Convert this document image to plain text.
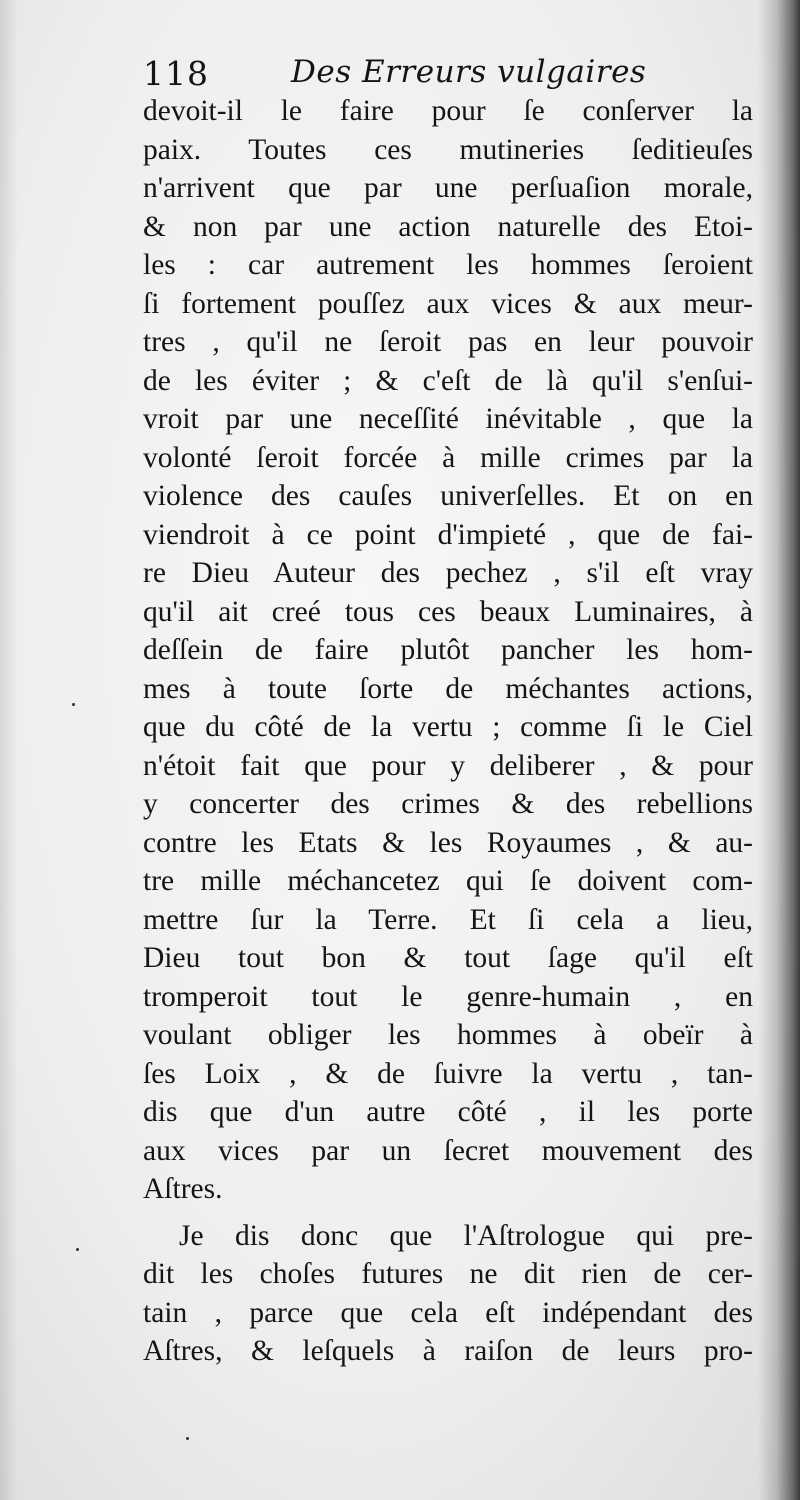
118	Des Erreurs vulgaires
devoit-il le faire pour ſe conſerver la
paix. Toutes ces mutineries ſeditieuſes
n'arrivent que par une perſuaſion morale,
& non par une action naturelle des Etoi-
les : car autrement les hommes ſeroient
ſi fortement pouſſez aux vices & aux meur-
tres , qu'il ne ſeroit pas en leur pouvoir
de les éviter ; & c'eſt de là qu'il s'enſui-
vroit par une neceſſité inévitable , que la
volonté ſeroit forcée à mille crimes par la
violence des cauſes univerſelles. Et on en
viendroit à ce point d'impieté , que de fai-
re Dieu Auteur des pechez , s'il eſt vray
qu'il ait creé tous ces beaux Luminaires, à
deſſein de faire plutôt pancher les hom-
mes à toute ſorte de méchantes actions,
que du côté de la vertu ; comme ſi le Ciel
n'étoit fait que pour y deliberer , & pour
y concerter des crimes & des rebellions
contre les Etats & les Royaumes , & au-
tre mille méchancetez qui ſe doivent com-
mettre ſur la Terre. Et ſi cela a lieu,
Dieu tout bon & tout ſage qu'il eſt
tromperoit tout le genre-humain , en
voulant obliger les hommes à obeïr à
ſes Loix , & de ſuivre la vertu , tan-
dis que d'un autre côté , il les porte
aux vices par un ſecret mouvement des
Aſtres.
Je dis donc que l'Aſtrologue qui pre-
dit les choſes futures ne dit rien de cer-
tain , parce que cela eſt indépendant des
Aſtres, & leſquels à raiſon de leurs pro-
